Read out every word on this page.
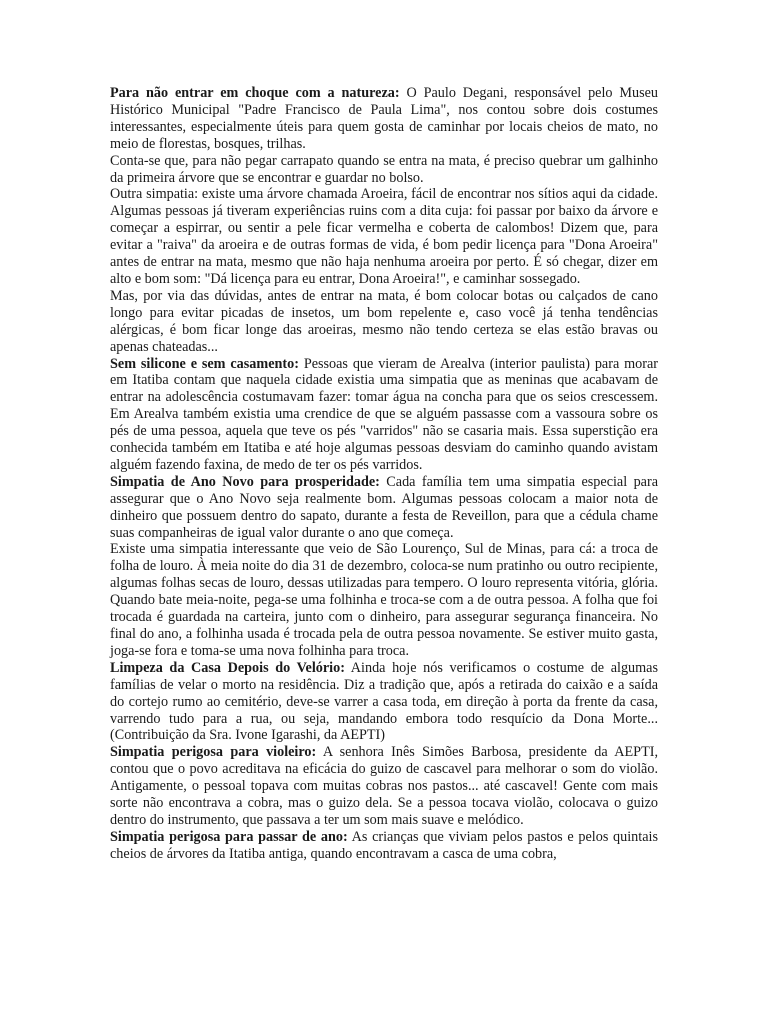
Para não entrar em choque com a natureza: O Paulo Degani, responsável pelo Museu Histórico Municipal "Padre Francisco de Paula Lima", nos contou sobre dois costumes interessantes, especialmente úteis para quem gosta de caminhar por locais cheios de mato, no meio de florestas, bosques, trilhas.

Conta-se que, para não pegar carrapato quando se entra na mata, é preciso quebrar um galhinho da primeira árvore que se encontrar e guardar no bolso.

Outra simpatia: existe uma árvore chamada Aroeira, fácil de encontrar nos sítios aqui da cidade. Algumas pessoas já tiveram experiências ruins com a dita cuja: foi passar por baixo da árvore e começar a espirrar, ou sentir a pele ficar vermelha e coberta de calombos! Dizem que, para evitar a "raiva" da aroeira e de outras formas de vida, é bom pedir licença para "Dona Aroeira" antes de entrar na mata, mesmo que não haja nenhuma aroeira por perto. É só chegar, dizer em alto e bom som: "Dá licença para eu entrar, Dona Aroeira!", e caminhar sossegado.

Mas, por via das dúvidas, antes de entrar na mata, é bom colocar botas ou calçados de cano longo para evitar picadas de insetos, um bom repelente e, caso você já tenha tendências alérgicas, é bom ficar longe das aroeiras, mesmo não tendo certeza se elas estão bravas ou apenas chateadas...

Sem silicone e sem casamento: Pessoas que vieram de Arealva (interior paulista) para morar em Itatiba contam que naquela cidade existia uma simpatia que as meninas que acabavam de entrar na adolescência costumavam fazer: tomar água na concha para que os seios crescessem. Em Arealva também existia uma crendice de que se alguém passasse com a vassoura sobre os pés de uma pessoa, aquela que teve os pés "varridos" não se casaria mais. Essa superstição era conhecida também em Itatiba e até hoje algumas pessoas desviam do caminho quando avistam alguém fazendo faxina, de medo de ter os pés varridos.

Simpatia de Ano Novo para prosperidade: Cada família tem uma simpatia especial para assegurar que o Ano Novo seja realmente bom. Algumas pessoas colocam a maior nota de dinheiro que possuem dentro do sapato, durante a festa de Reveillon, para que a cédula chame suas companheiras de igual valor durante o ano que começa.

Existe uma simpatia interessante que veio de São Lourenço, Sul de Minas, para cá: a troca de folha de louro. À meia noite do dia 31 de dezembro, coloca-se num pratinho ou outro recipiente, algumas folhas secas de louro, dessas utilizadas para tempero. O louro representa vitória, glória. Quando bate meia-noite, pega-se uma folhinha e troca-se com a de outra pessoa. A folha que foi trocada é guardada na carteira, junto com o dinheiro, para assegurar segurança financeira. No final do ano, a folhinha usada é trocada pela de outra pessoa novamente. Se estiver muito gasta, joga-se fora e toma-se uma nova folhinha para troca.

Limpeza da Casa Depois do Velório: Ainda hoje nós verificamos o costume de algumas famílias de velar o morto na residência. Diz a tradição que, após a retirada do caixão e a saída do cortejo rumo ao cemitério, deve-se varrer a casa toda, em direção à porta da frente da casa, varrendo tudo para a rua, ou seja, mandando embora todo resquício da Dona Morte... (Contribuição da Sra. Ivone Igarashi, da AEPTI)

Simpatia perigosa para violeiro: A senhora Inês Simões Barbosa, presidente da AEPTI, contou que o povo acreditava na eficácia do guizo de cascavel para melhorar o som do violão. Antigamente, o pessoal topava com muitas cobras nos pastos... até cascavel! Gente com mais sorte não encontrava a cobra, mas o guizo dela. Se a pessoa tocava violão, colocava o guizo dentro do instrumento, que passava a ter um som mais suave e melódico.

Simpatia perigosa para passar de ano: As crianças que viviam pelos pastos e pelos quintais cheios de árvores da Itatiba antiga, quando encontravam a casca de uma cobra,
